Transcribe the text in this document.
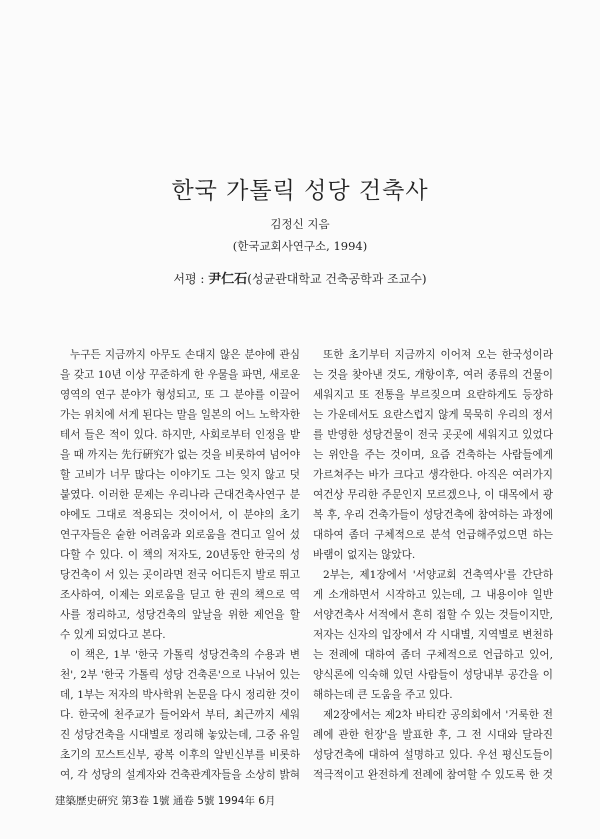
한국 가톨릭 성당 건축사
김정신 지음
(한국교회사연구소, 1994)
서평 : 尹仁石(성균관대학교 건축공학과 조교수)

누구든 지금까지 아무도 손대지 않은 분야에 관심을 갖고 10년 이상 꾸준하게 한 우물을 파면, 새로운 영역의 연구 분야가 형성되고, 또 그 분야를 이끌어가는 위치에 서게 된다는 말을 일본의 어느 노학자한테서 들은 적이 있다. 하지만, 사회로부터 인정을 받을 때 까지는 先行硏究가 없는 것을 비롯하여 넘어야 할 고비가 너무 많다는 이야기도 그는 잊지 않고 덧붙였다. 이러한 문제는 우리나라 근대건축사연구 분야에도 그대로 적용되는 것이어서, 이 분야의 초기 연구자들은 숱한 어려움과 외로움을 견디고 일어 섰다할 수 있다. 이 책의 저자도, 20년동안 한국의 성당건축이 서 있는 곳이라면 전국 어디든지 발로 뛰고 조사하여, 이제는 외로움을 딛고 한 권의 책으로 역사를 정리하고, 성당건축의 앞날을 위한 제언을 할 수 있게 되었다고 본다.

이 책은, 1부 '한국 가톨릭 성당건축의 수용과 변천', 2부 '한국 가톨릭 성당 건축론'으로 나뉘어 있는데, 1부는 저자의 박사학위 논문을 다시 정리한 것이다. 한국에 천주교가 들어와서 부터, 최근까지 세워진 성당건축을 시대별로 정리해 놓았는데, 그중 유일초기의 꼬스트신부, 광복 이후의 알빈신부를 비롯하여, 각 성당의 설계자와 건축관계자들을 소상히 밝혀

또한 초기부터 지금까지 이어져 오는 한국성이라는 것을 찾아낸 것도, 개항이후, 여러 종류의 건물이 세워지고 또 전통을 부르짖으며 요란하게도 등장하는 가운데서도 요란스럽지 않게 묵묵히 우리의 정서를 반영한 성당건물이 전국 곳곳에 세워지고 있었다는 위안을 주는 것이며, 요즘 건축하는 사람들에게 가르쳐주는 바가 크다고 생각한다. 아직은 여러가지 여건상 무리한 주문인지 모르겠으나, 이 대목에서 광복 후, 우리 건축가들이 성당건축에 참여하는 과정에 대하여 좀더 구체적으로 분석 언급해주었으면 하는 바램이 없지는 않았다.

2부는, 제1장에서 '서양교회 건축역사'를 간단하게 소개하면서 시작하고 있는데, 그 내용이야 일반 서양건축사 서적에서 흔히 접할 수 있는 것들이지만, 저자는 신자의 입장에서 각 시대별, 지역별로 변천하는 전례에 대하여 좀더 구체적으로 언급하고 있어, 양식론에 익숙해 있던 사람들이 성당내부 공간을 이해하는데 큰 도움을 주고 있다.

제2장에서는 제2차 바티칸 공의회에서 '거룩한 전례에 관한 헌장'을 발표한 후, 그 전 시대와 달라진 성당건축에 대하여 설명하고 있다. 우선 평신도들이 적극적이고 완전하게 전례에 참여할 수 있도록 한 것

建築歷史硏究 第3卷 1號 通卷 5號 1994年 6月
